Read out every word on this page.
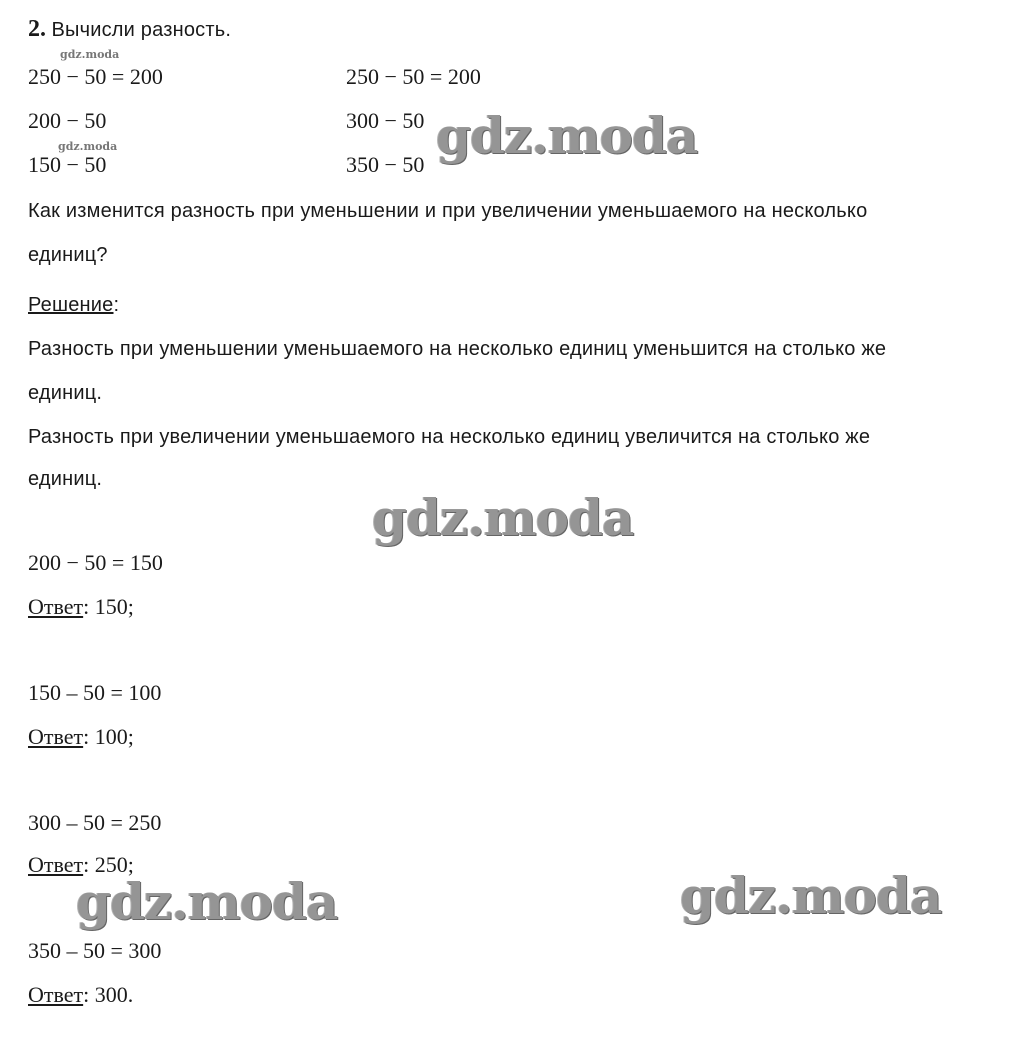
2. Вычисли разность.
250 − 50 = 200
200 − 50
150 − 50
250 − 50 = 200
300 − 50
350 − 50
Как изменится разность при уменьшении и при увеличении уменьшаемого на несколько
единиц?
Решение:
Разность при уменьшении уменьшаемого на несколько единиц уменьшится на столько же
единиц.
Разность при увеличении уменьшаемого на несколько единиц увеличится на столько же
единиц.
200 − 50 = 150
Ответ: 150;
150 – 50 = 100
Ответ: 100;
300 – 50 = 250
Ответ: 250;
350 – 50 = 300
Ответ: 300.
gdz.moda
gdz.moda	gdz.moda
gdz.moda
gdz.moda	gdz.moda
